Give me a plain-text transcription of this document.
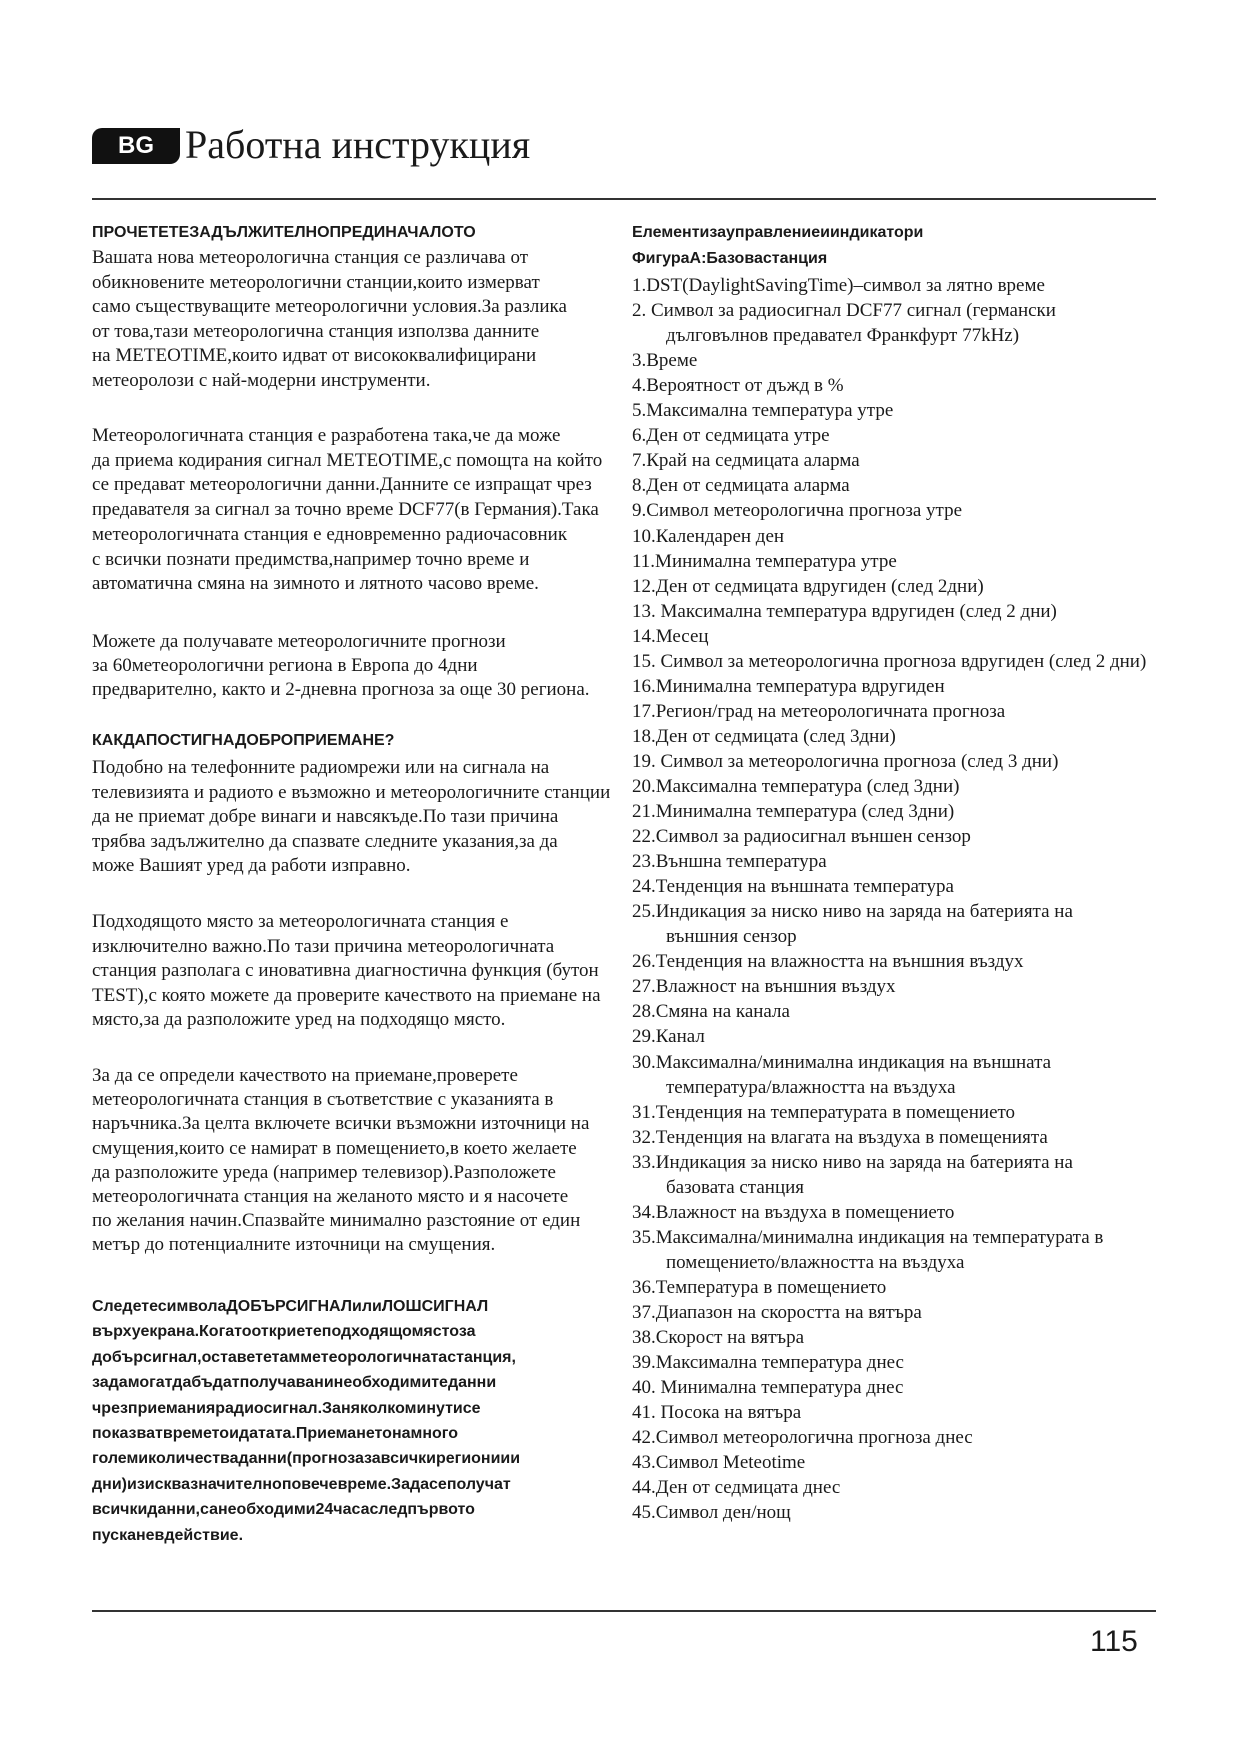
BG Работна инструкция
115
ПРОЧЕТЕТЕЗАДЪЛЖИТЕЛНОПРЕДИНАЧАЛОТО
Вашата нова метеорологична станция се различава от
обикновените метеорологични станции,които измерват
само съществуващите метеорологични условия.За разлика
от това,тази метеорологична станция използва данните
на METEOTIME,които идват от висококвалифицирани
метеоролози с най-модерни инструменти.
Метеорологичната станция е разработена така,че да може
да приема кодирания сигнал METEOTIME,с помощта на който
се предават метеорологични данни.Данните се изпращат чрез
предавателя за сигнал за точно време DCF77(в Германия).Така
метеорологичната станция е едновременно радиочасовник
с всички познати предимства,например точно време и
автоматична смяна на зимното и лятното часово време.
Можете да получавате метеорологичните прогнози
за 60метеорологични региона в Европа до 4дни
предварително, както и 2-дневна прогноза за още 30 региона.
КАКДАПОСТИГНАДОБРОПРИЕМАНЕ?
Подобно на телефонните радиомрежи или на сигнала на
телевизията и радиото е възможно и метеорологичните станции
да не приемат добре винаги и навсякъде.По тази причина
трябва задължително да спазвате следните указания,за да
може Вашият уред да работи изправно.
Подходящото място за метеорологичната станция е
изключително важно.По тази причина метеорологичната
станция разполага с иновативна диагностична функция (бутон
TEST),с която можете да проверите качеството на приемане на
място,за да разположите уред на подходящо място.
За да се определи качеството на приемане,проверете
метеорологичната станция в съответствие с указанията в
наръчника.За целта включете всички възможни източници на
смущения,които се намират в помещението,в което желаете
да разположите уреда (например телевизор).Разположете
метеорологичната станция на желаното място и я насочете
по желания начин.Спазвайте минимално разстояние от един
метър до потенциалните източници на смущения.
СледетесимволаДОБЪРСИГНАЛилиЛОШСИГНАЛ
върхуекрана.Когатооткриетеподходящомястоза
добърсигнал,оставететамметеорологичнатастанция,
задамогатдабъдатполучаванинеобходимитеданни
чрезприеманиярадиосигнал.Заняколкоминутисе
показватвреметоидатата.Приеманетонамного
големиколичестваданни(прогнозазавсичкирегиониии
дни)изисквазначителноповечевреме.Задасеполучат
всичкиданни,санеобходими24часаследпървото
пусканевдействие.
Елементизауправлениеииндикатори
ФигураA:Базовастанция
1.DST(DaylightSavingTime)–символ за лятно време
2. Символ за радиосигнал DCF77 сигнал (германски
дълговълнов предавател Франкфурт 77kHz)
3.Време
4.Вероятност от дъжд в %
5.Максимална температура утре
6.Ден от седмицата утре
7.Край на седмицата аларма
8.Ден от седмицата аларма
9.Символ метеорологична прогноза утре
10.Календарен ден
11.Минимална температура утре
12.Ден от седмицата вдругиден (след 2дни)
13. Максимална температура вдругиден (след 2 дни)
14.Месец
15. Символ за метеорологична прогноза вдругиден (след 2 дни)
16.Минимална температура вдругиден
17.Регион/град на метеорологичната прогноза
18.Ден от седмицата (след 3дни)
19. Символ за метеорологична прогноза (след 3 дни)
20.Максимална температура (след 3дни)
21.Минимална температура (след 3дни)
22.Символ за радиосигнал външен сензор
23.Външна температура
24.Тенденция на външната температура
25.Индикация за ниско ниво на заряда на батерията на
външния сензор
26.Тенденция на влажността на външния въздух
27.Влажност на външния въздух
28.Смяна на канала
29.Канал
30.Максимална/минимална индикация на външната
температура/влажността на въздуха
31.Тенденция на температурата в помещението
32.Тенденция на влагата на въздуха в помещенията
33.Индикация за ниско ниво на заряда на батерията на
базовата станция
34.Влажност на въздуха в помещението
35.Максимална/минимална индикация на температурата в
помещението/влажността на въздуха
36.Температура в помещението
37.Диапазон на скоростта на вятъра
38.Скорост на вятъра
39.Максимална температура днес
40. Минимална температура днес
41. Посока на вятъра
42.Символ метеорологична прогноза днес
43.Символ Meteotime
44.Ден от седмицата днес
45.Символ ден/нощ
